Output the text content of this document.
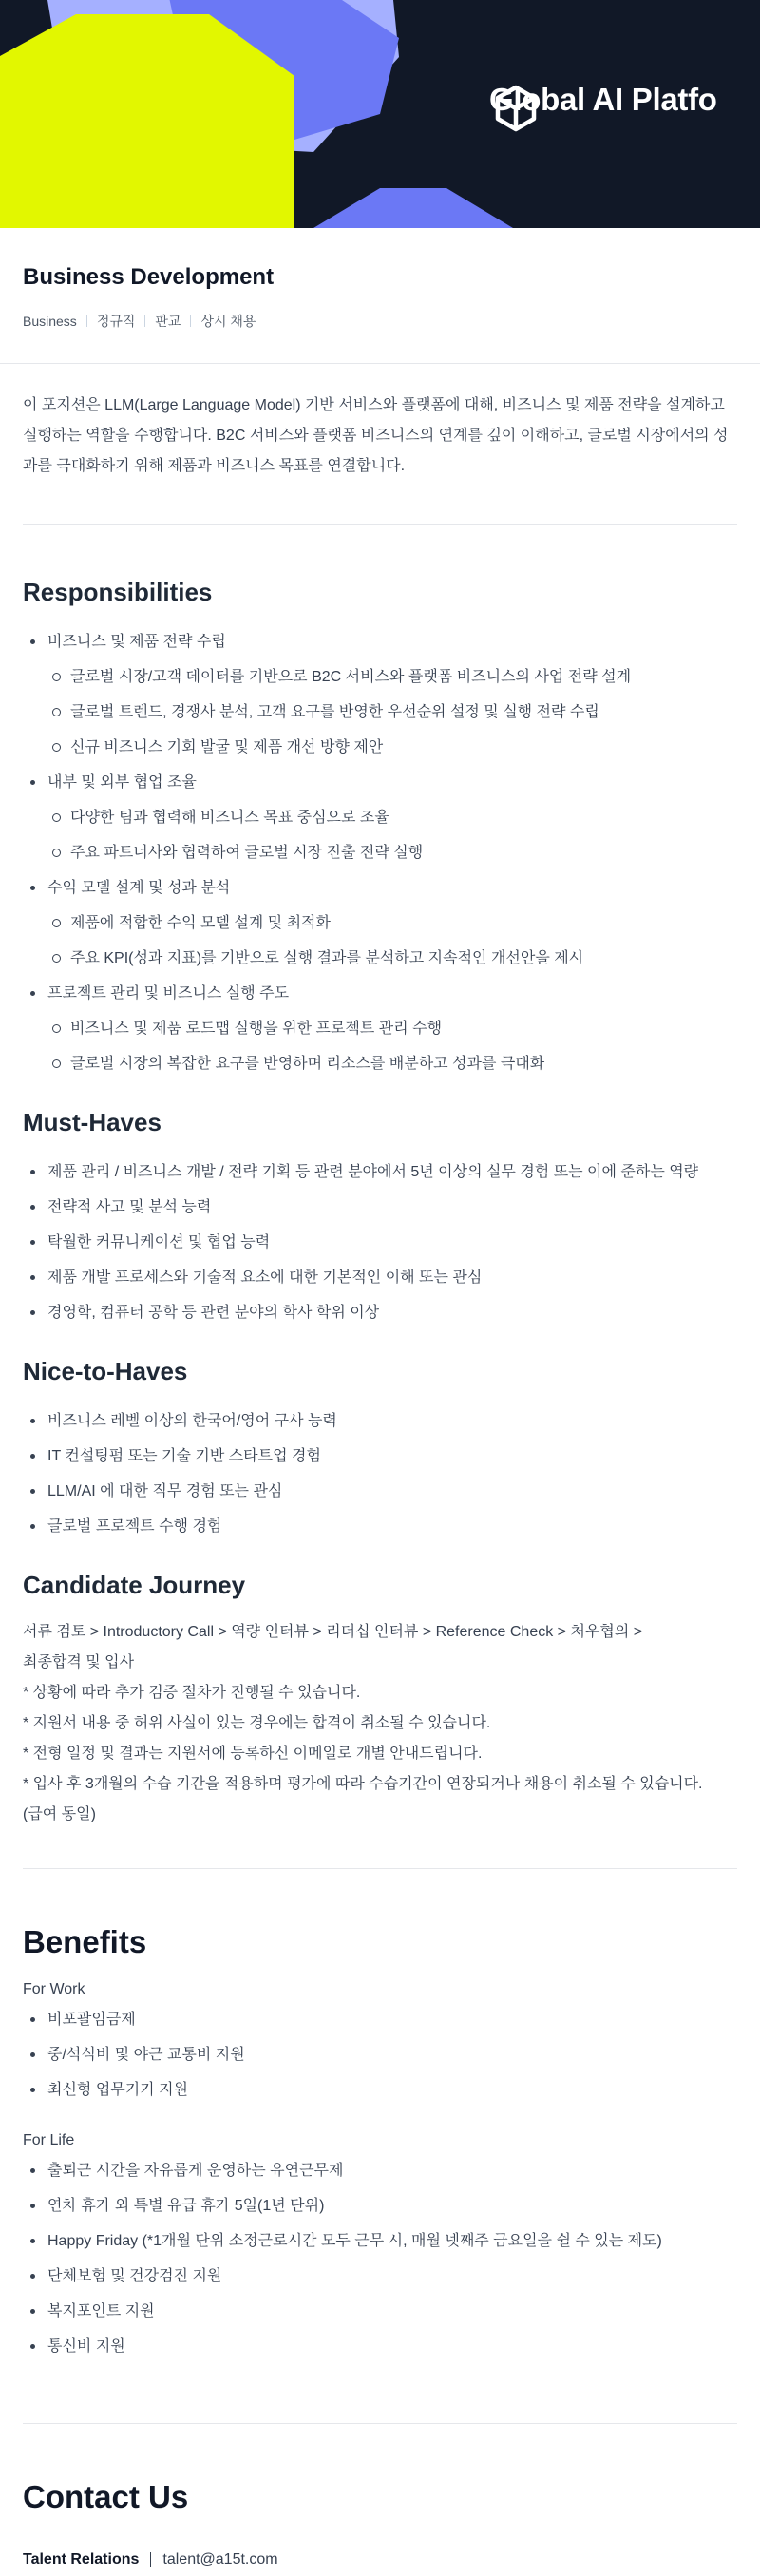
Global AI Platfo
Business Development
Business 정규직 판교 상시 채용

이 포지션은 LLM(Large Language Model) 기반 서비스와 플랫폼에 대해, 비즈니스 및 제품 전략을 설계하고 실행하는 역할을 수행합니다. B2C 서비스와 플랫폼 비즈니스의 연계를 깊이 이해하고, 글로벌 시장에서의 성과를 극대화하기 위해 제품과 비즈니스 목표를 연결합니다.

Responsibilities
비즈니스 및 제품 전략 수립
글로벌 시장/고객 데이터를 기반으로 B2C 서비스와 플랫폼 비즈니스의 사업 전략 설계
글로벌 트렌드, 경쟁사 분석, 고객 요구를 반영한 우선순위 설정 및 실행 전략 수립
신규 비즈니스 기회 발굴 및 제품 개선 방향 제안
내부 및 외부 협업 조율
다양한 팀과 협력해 비즈니스 목표 중심으로 조율
주요 파트너사와 협력하여 글로벌 시장 진출 전략 실행
수익 모델 설계 및 성과 분석
제품에 적합한 수익 모델 설계 및 최적화
주요 KPI(성과 지표)를 기반으로 실행 결과를 분석하고 지속적인 개선안을 제시
프로젝트 관리 및 비즈니스 실행 주도
비즈니스 및 제품 로드맵 실행을 위한 프로젝트 관리 수행
글로벌 시장의 복잡한 요구를 반영하며 리소스를 배분하고 성과를 극대화
Must-Haves
제품 관리 / 비즈니스 개발 / 전략 기획 등 관련 분야에서 5년 이상의 실무 경험 또는 이에 준하는 역량
전략적 사고 및 분석 능력
탁월한 커뮤니케이션 및 협업 능력
제품 개발 프로세스와 기술적 요소에 대한 기본적인 이해 또는 관심
경영학, 컴퓨터 공학 등 관련 분야의 학사 학위 이상
Nice-to-Haves
비즈니스 레벨 이상의 한국어/영어 구사 능력
IT 컨설팅펌 또는 기술 기반 스타트업 경험
LLM/AI 에 대한 직무 경험 또는 관심
글로벌 프로젝트 수행 경험
Candidate Journey
서류 검토 > Introductory Call > 역량 인터뷰 > 리더십 인터뷰 > Reference Check > 처우협의 >
최종합격 및 입사
* 상황에 따라 추가 검증 절차가 진행될 수 있습니다.
* 지원서 내용 중 허위 사실이 있는 경우에는 합격이 취소될 수 있습니다.
* 전형 일정 및 결과는 지원서에 등록하신 이메일로 개별 안내드립니다.
* 입사 후 3개월의 수습 기간을 적용하며 평가에 따라 수습기간이 연장되거나 채용이 취소될 수 있습니다.
(급여 동일)
Benefits
For Work
비포괄임금제
중/석식비 및 야근 교통비 지원
최신형 업무기기 지원
For Life
출퇴근 시간을 자유롭게 운영하는 유연근무제
연차 휴가 외 특별 유급 휴가 5일(1년 단위)
Happy Friday (*1개월 단위 소정근로시간 모두 근무 시, 매월 넷째주 금요일을 쉴 수 있는 제도)
단체보험 및 건강검진 지원
복지포인트 지원
통신비 지원
Contact Us
Talent Relations talent@a15t.com
